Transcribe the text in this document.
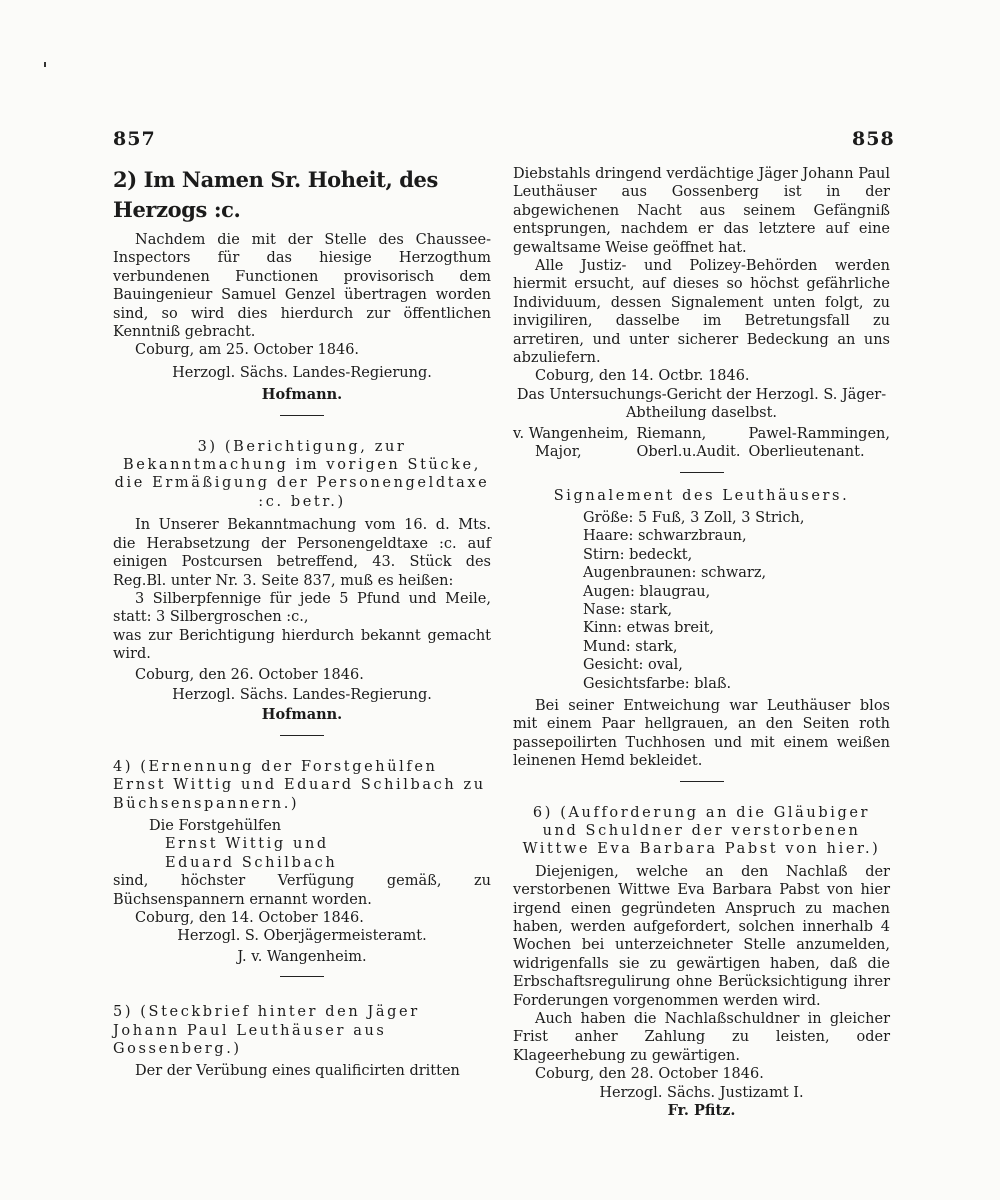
857	858

2) Im Namen Sr. Hoheit, des Herzogs :c.

Nachdem die mit der Stelle des Chaussee-Inspectors für das hiesige Herzogthum verbundenen Functionen provisorisch dem Bauingenieur Samuel Genzel übertragen worden sind, so wird dies hierdurch zur öffentlichen Kenntniß gebracht.

Coburg, am 25. October 1846.

Herzogl. Sächs. Landes-Regierung.

Hofmann.

3) (Berichtigung, zur Bekanntmachung im vorigen Stücke, die Ermäßigung der Personengeldtaxe :c. betr.)

In Unserer Bekanntmachung vom 16. d. Mts. die Herabsetzung der Personengeldtaxe :c. auf einigen Postcursen betreffend, 43. Stück des Reg.Bl. unter Nr. 3. Seite 837, muß es heißen:

3 Silberpfennige für jede 5 Pfund und Meile, statt: 3 Silbergroschen :c.,

was zur Berichtigung hierdurch bekannt gemacht wird.

Coburg, den 26. October 1846.

Herzogl. Sächs. Landes-Regierung.

Hofmann.

4) (Ernennung der Forstgehülfen Ernst Wittig und Eduard Schilbach zu Büchsenspannern.)

Die Forstgehülfen

Ernst Wittig und

Eduard Schilbach

sind, höchster Verfügung gemäß, zu Büchsenspannern ernannt worden.

Coburg, den 14. October 1846.

Herzogl. S. Oberjägermeisteramt.

J. v. Wangenheim.

5) (Steckbrief hinter den Jäger Johann Paul Leuthäuser aus Gossenberg.)

Der der Verübung eines qualificirten dritten

Diebstahls dringend verdächtige Jäger Johann Paul Leuthäuser aus Gossenberg ist in der abgewichenen Nacht aus seinem Gefängniß entsprungen, nachdem er das letztere auf eine gewaltsame Weise geöffnet hat.

Alle Justiz- und Polizey-Behörden werden hiermit ersucht, auf dieses so höchst gefährliche Individuum, dessen Signalement unten folgt, zu invigiliren, dasselbe im Betretungsfall zu arretiren, und unter sicherer Bedeckung an uns abzuliefern.

Coburg, den 14. Octbr. 1846.

Das Untersuchungs-Gericht der Herzogl. S. Jäger-Abtheilung daselbst.

v. Wangenheim,
Major,
Riemann,
Oberl.u.Audit.
Pawel-Rammingen,
Oberlieutenant.

Signalement des Leuthäusers.

Größe: 5 Fuß, 3 Zoll, 3 Strich,
Haare: schwarzbraun,
Stirn: bedeckt,
Augenbraunen: schwarz,
Augen: blaugrau,
Nase: stark,
Kinn: etwas breit,
Mund: stark,
Gesicht: oval,
Gesichtsfarbe: blaß.

Bei seiner Entweichung war Leuthäuser blos mit einem Paar hellgrauen, an den Seiten roth passepoilirten Tuchhosen und mit einem weißen leinenen Hemd bekleidet.

6) (Aufforderung an die Gläubiger und Schuldner der verstorbenen Wittwe Eva Barbara Pabst von hier.)

Diejenigen, welche an den Nachlaß der verstorbenen Wittwe Eva Barbara Pabst von hier irgend einen gegründeten Anspruch zu machen haben, werden aufgefordert, solchen innerhalb 4 Wochen bei unterzeichneter Stelle anzumelden, widrigenfalls sie zu gewärtigen haben, daß die Erbschaftsregulirung ohne Berücksichtigung ihrer Forderungen vorgenommen werden wird.

Auch haben die Nachlaßschuldner in gleicher Frist anher Zahlung zu leisten, oder Klageerhebung zu gewärtigen.

Coburg, den 28. October 1846.

Herzogl. Sächs. Justizamt I.

Fr. Pfitz.
